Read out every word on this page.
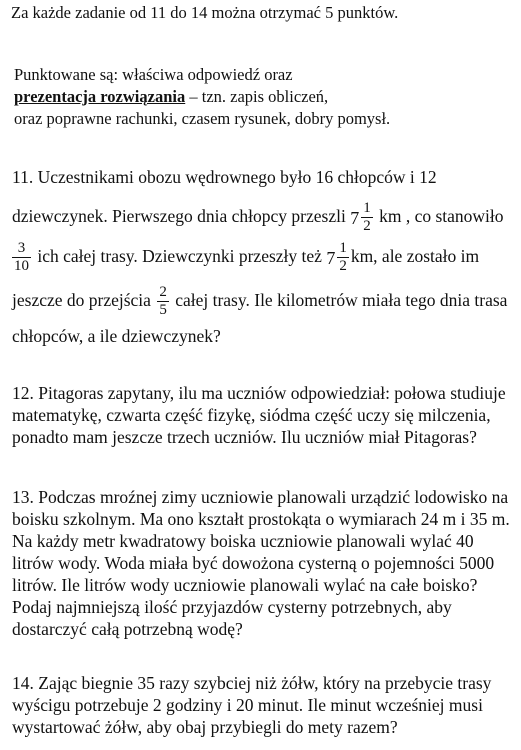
Za każde zadanie od 11 do 14 można otrzymać 5 punktów.
Punktowane są: właściwa odpowiedź oraz
prezentacja rozwiązania – tzn. zapis obliczeń,
oraz poprawne rachunki, czasem rysunek, dobry pomysł.
11. Uczestnikami obozu wędrownego było 16 chłopców i 12
dziewczynek. Pierwszego dnia chłopcy przeszli $7 \frac{1}{2}$ km , co stanowiło
$\frac{3}{10}$ ich całej trasy. Dziewczynki przeszły też $7 \frac{1}{2}$ km, ale zostało im
jeszcze do przejścia $\frac{2}{5}$ całej trasy. Ile kilometrów miała tego dnia trasa
chłopców, a ile dziewczynek?
12. Pitagoras zapytany, ilu ma uczniów odpowiedział: połowa studiuje
matematykę, czwarta część fizykę, siódma część uczy się milczenia,
ponadto mam jeszcze trzech uczniów. Ilu uczniów miał Pitagoras?
13. Podczas mroźnej zimy uczniowie planowali urządzić lodowisko na
boisku szkolnym. Ma ono kształt prostokąta o wymiarach 24 m i 35 m.
Na każdy metr kwadratowy boiska uczniowie planowali wylać 40
litrów wody. Woda miała być dowożona cysterną o pojemności 5000
litrów. Ile litrów wody uczniowie planowali wylać na całe boisko?
Podaj najmniejszą ilość przyjazdów cysterny potrzebnych, aby
dostarczyć całą potrzebną wodę?
14. Zając biegnie 35 razy szybciej niż żółw, który na przebycie trasy
wyścigu potrzebuje 2 godziny i 20 minut. Ile minut wcześniej musi
wystartować żółw, aby obaj przybiegli do mety razem?
